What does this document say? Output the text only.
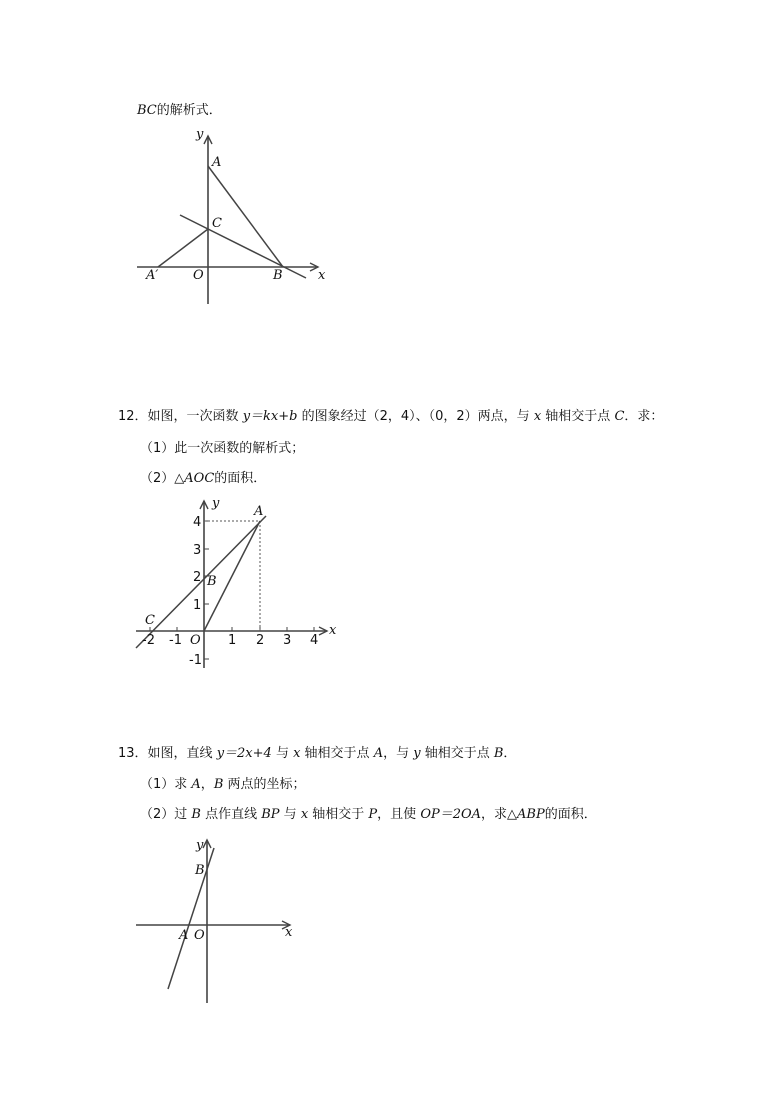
BC的解析式．
y
A
C
O	B	x
A′
12．如图，一次函数 y＝kx+b 的图象经过（2，4）、（0，2）两点，与 x 轴相交于点 C．求：
（1）此一次函数的解析式；
（2）△AOC的面积．
y
A
B
C
O
x
-2 -1	1 2 3 4
4
3
2
1
-1
13．如图，直线 y＝2x+4 与 x 轴相交于点 A，与 y 轴相交于点 B．
（1）求 A，B 两点的坐标；
（2）过 B 点作直线 BP 与 x 轴相交于 P，且使 OP＝2OA，求△ABP的面积．
y
B
A O	x
